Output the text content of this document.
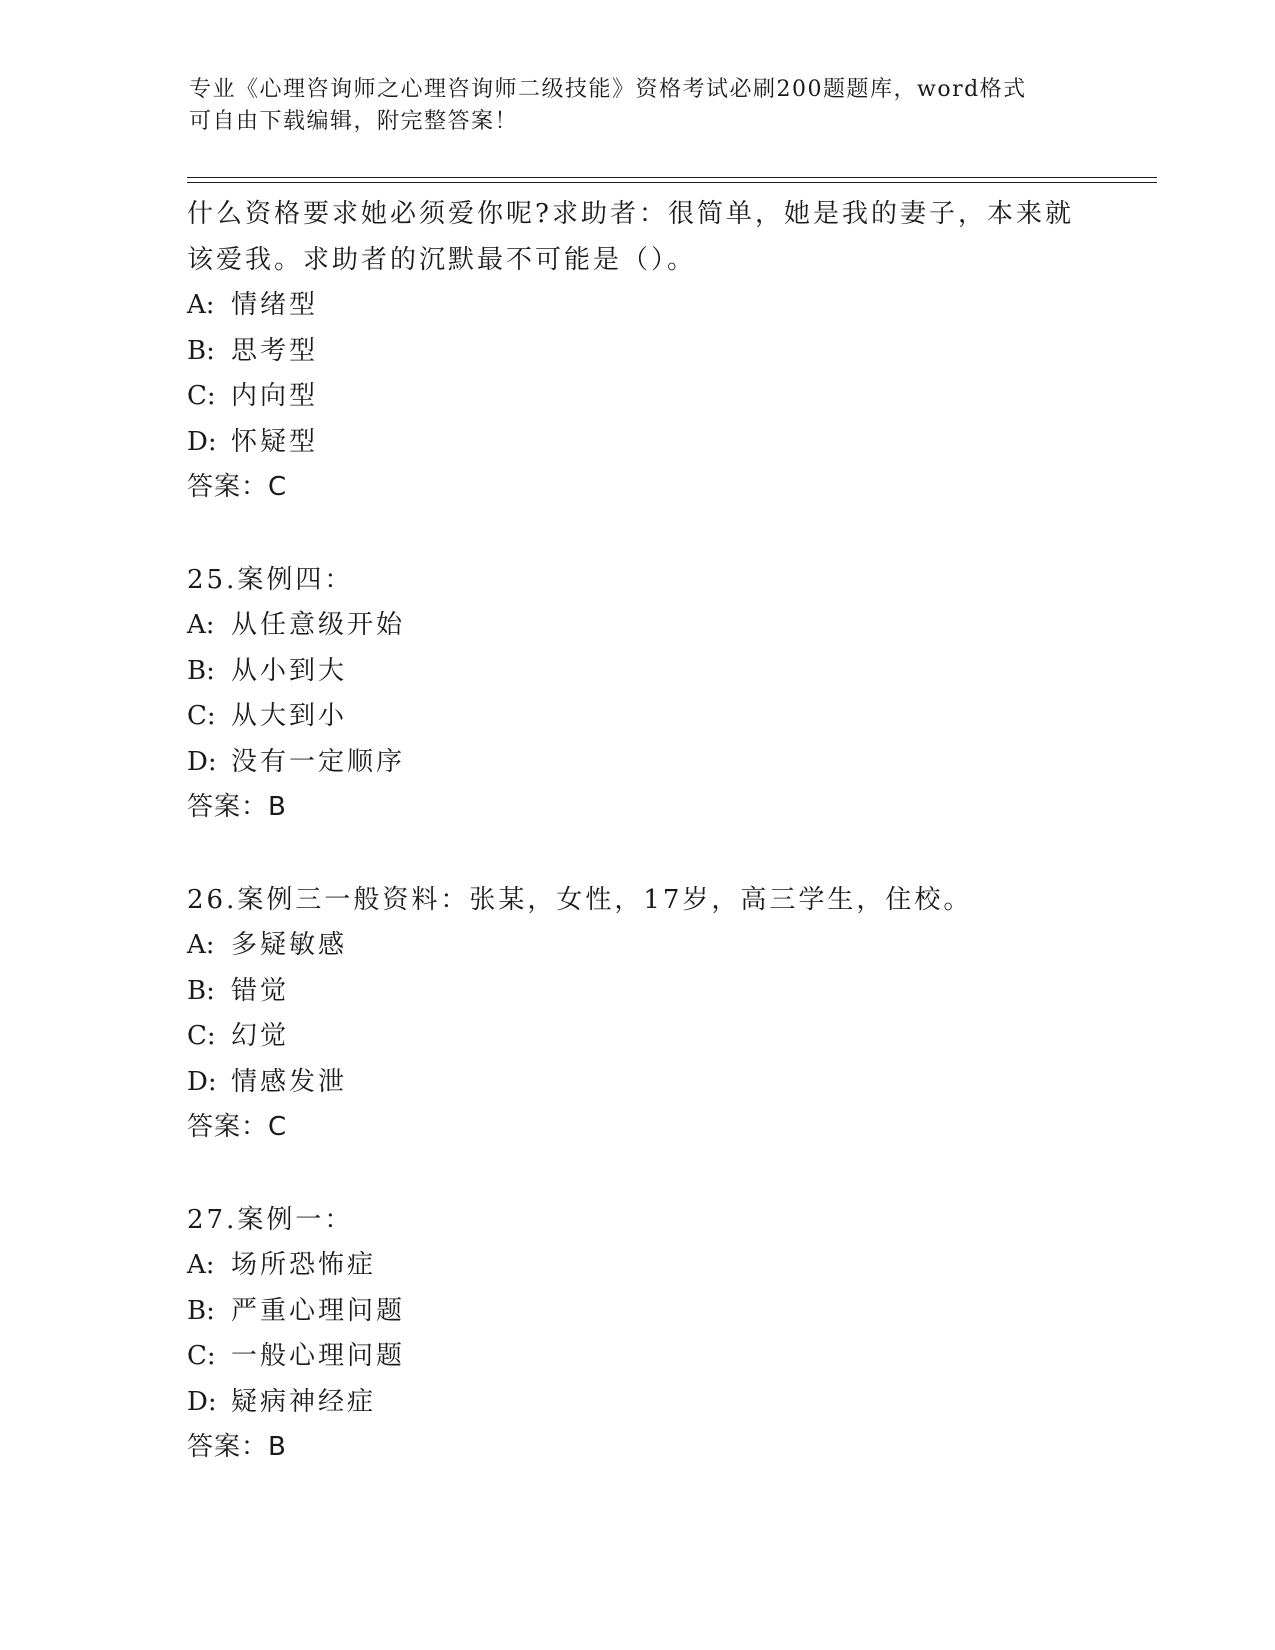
专业《心理咨询师之心理咨询师二级技能》资格考试必刷200题题库，word格式
可自由下载编辑，附完整答案！
什么资格要求她必须爱你呢?求助者：很简单，她是我的妻子，本来就
该爱我。求助者的沉默最不可能是（）。
A: 情绪型
B: 思考型
C: 内向型
D: 怀疑型
答案：C
25.案例四：
A: 从任意级开始
B: 从小到大
C: 从大到小
D: 没有一定顺序
答案：B
26.案例三一般资料：张某，女性，17岁，高三学生，住校。
A: 多疑敏感
B: 错觉
C: 幻觉
D: 情感发泄
答案：C
27.案例一：
A: 场所恐怖症
B: 严重心理问题
C: 一般心理问题
D: 疑病神经症
答案：B
